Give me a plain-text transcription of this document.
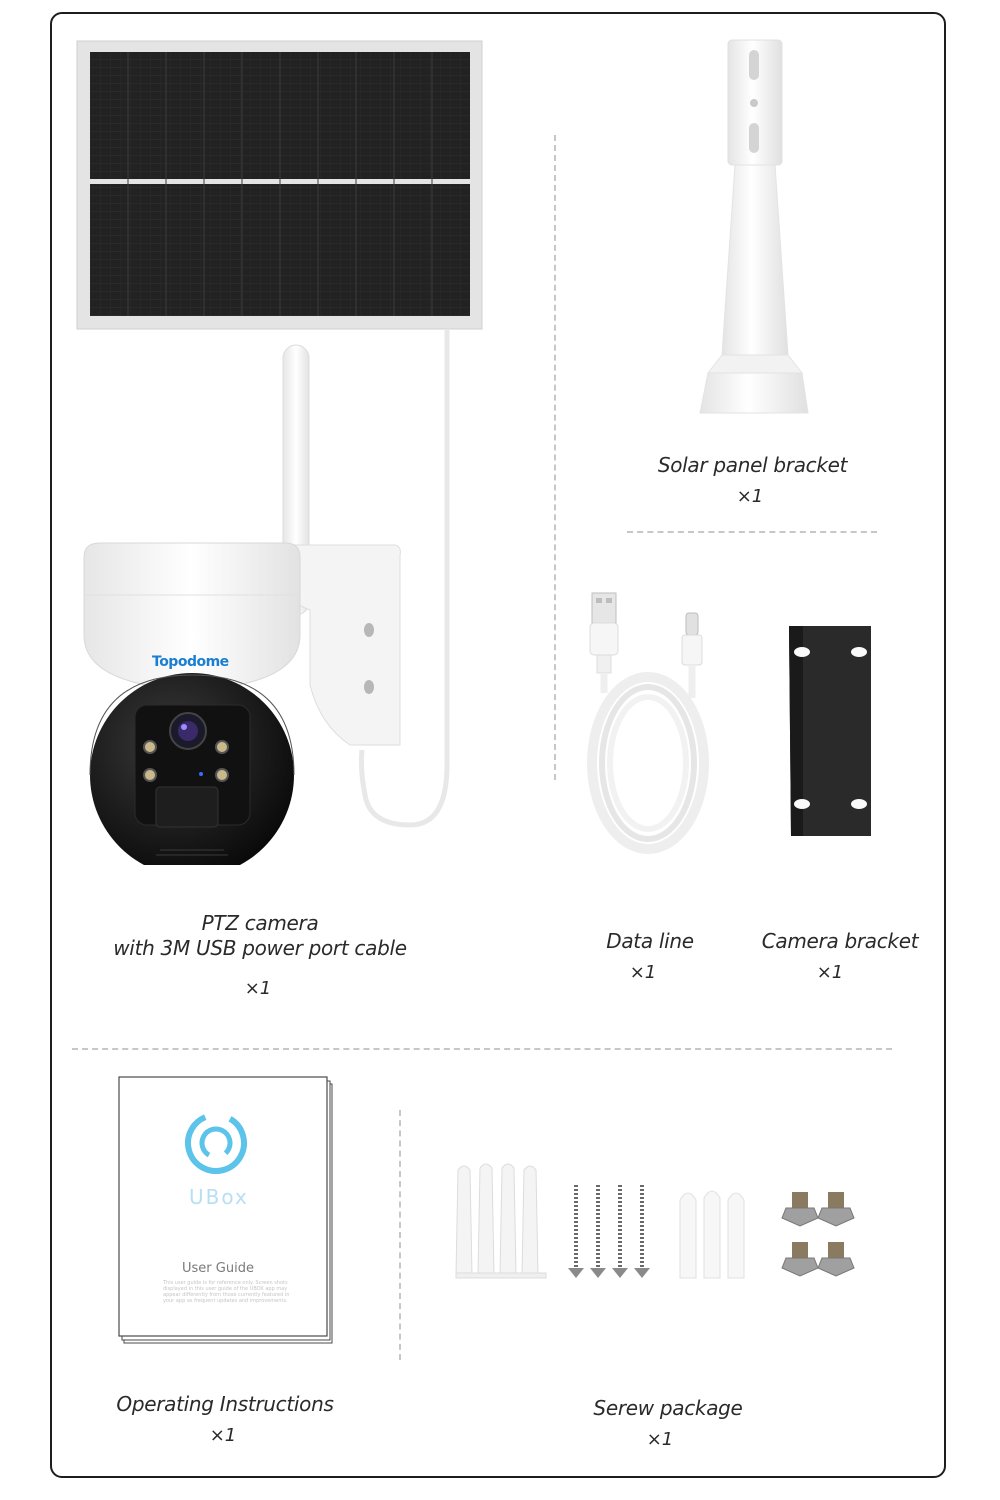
Topodome
Solar panel bracket
×1
Data line
×1
Camera bracket
×1
PTZ camera
with 3M USB power port cable
×1
UBox
User Guide
This user guide is for reference only. Screen shots displayed in this user guide of the UBOX app may appear differently from those currently featured in your app as frequent updates and improvements.
Operating Instructions
×1
Serew package
×1
